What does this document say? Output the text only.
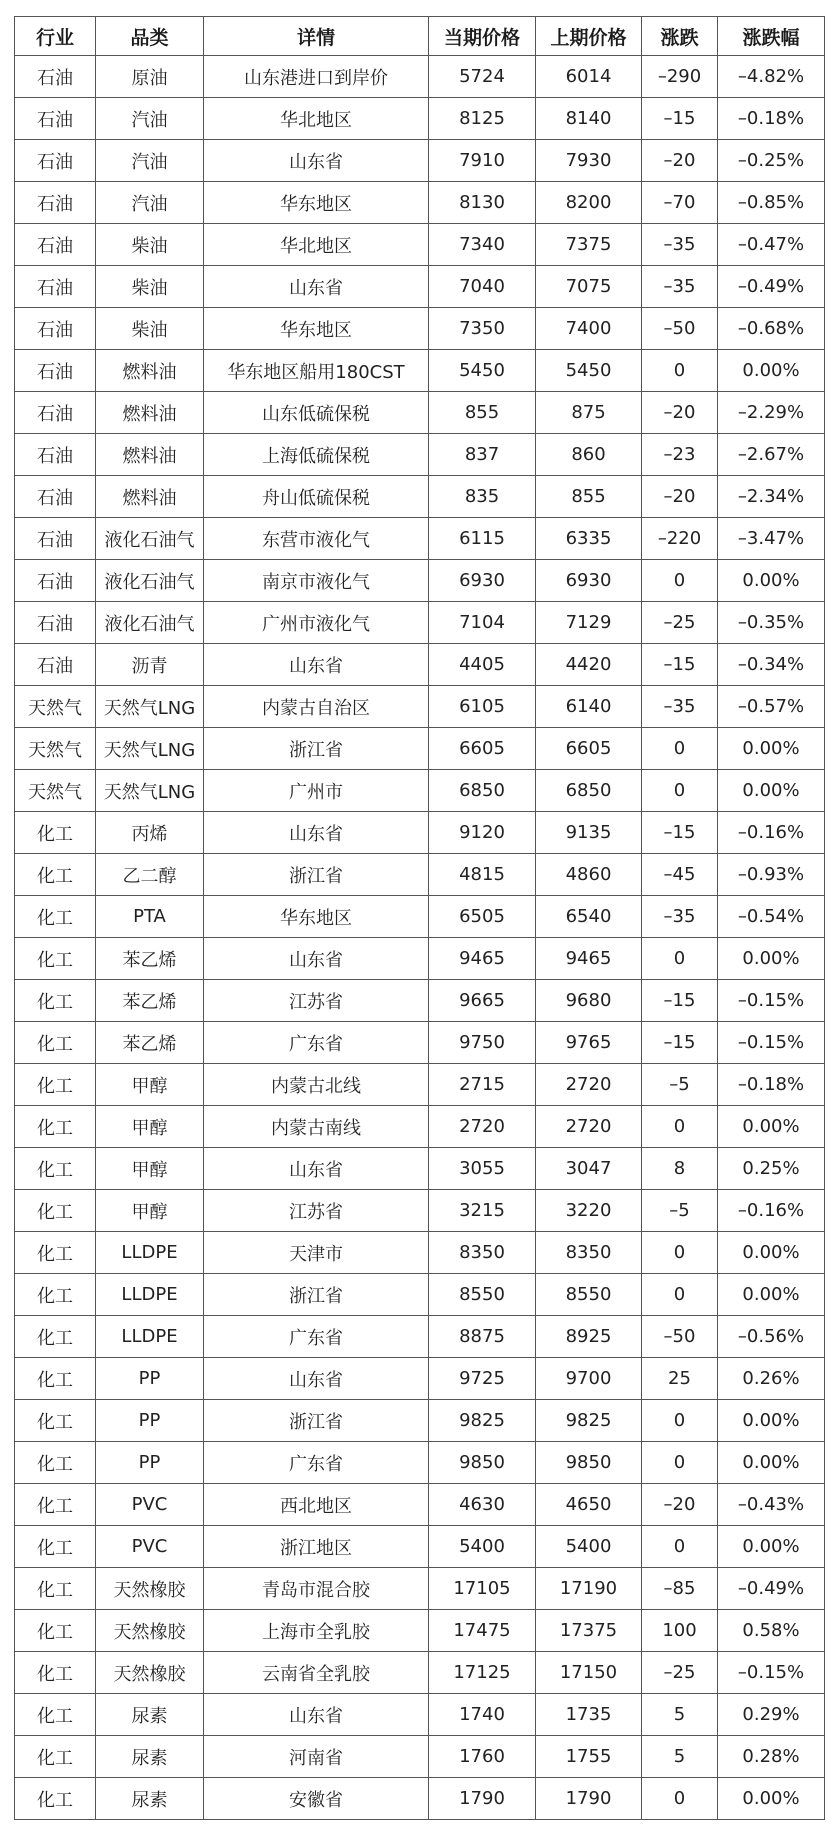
行业	品类	详情	当期价格	上期价格	涨跌	涨跌幅
石油	原油	山东港进口到岸价	5724	6014	–290	–4.82%
石油	汽油	华北地区	8125	8140	–15	–0.18%
石油	汽油	山东省	7910	7930	–20	–0.25%
石油	汽油	华东地区	8130	8200	–70	–0.85%
石油	柴油	华北地区	7340	7375	–35	–0.47%
石油	柴油	山东省	7040	7075	–35	–0.49%
石油	柴油	华东地区	7350	7400	–50	–0.68%
石油	燃料油	华东地区船用180CST	5450	5450	0	0.00%
石油	燃料油	山东低硫保税	855	875	–20	–2.29%
石油	燃料油	上海低硫保税	837	860	–23	–2.67%
石油	燃料油	舟山低硫保税	835	855	–20	–2.34%
石油	液化石油气	东营市液化气	6115	6335	–220	–3.47%
石油	液化石油气	南京市液化气	6930	6930	0	0.00%
石油	液化石油气	广州市液化气	7104	7129	–25	–0.35%
石油	沥青	山东省	4405	4420	–15	–0.34%
天然气	天然气LNG	内蒙古自治区	6105	6140	–35	–0.57%
天然气	天然气LNG	浙江省	6605	6605	0	0.00%
天然气	天然气LNG	广州市	6850	6850	0	0.00%
化工	丙烯	山东省	9120	9135	–15	–0.16%
化工	乙二醇	浙江省	4815	4860	–45	–0.93%
化工	PTA	华东地区	6505	6540	–35	–0.54%
化工	苯乙烯	山东省	9465	9465	0	0.00%
化工	苯乙烯	江苏省	9665	9680	–15	–0.15%
化工	苯乙烯	广东省	9750	9765	–15	–0.15%
化工	甲醇	内蒙古北线	2715	2720	–5	–0.18%
化工	甲醇	内蒙古南线	2720	2720	0	0.00%
化工	甲醇	山东省	3055	3047	8	0.25%
化工	甲醇	江苏省	3215	3220	–5	–0.16%
化工	LLDPE	天津市	8350	8350	0	0.00%
化工	LLDPE	浙江省	8550	8550	0	0.00%
化工	LLDPE	广东省	8875	8925	–50	–0.56%
化工	PP	山东省	9725	9700	25	0.26%
化工	PP	浙江省	9825	9825	0	0.00%
化工	PP	广东省	9850	9850	0	0.00%
化工	PVC	西北地区	4630	4650	–20	–0.43%
化工	PVC	浙江地区	5400	5400	0	0.00%
化工	天然橡胶	青岛市混合胶	17105	17190	–85	–0.49%
化工	天然橡胶	上海市全乳胶	17475	17375	100	0.58%
化工	天然橡胶	云南省全乳胶	17125	17150	–25	–0.15%
化工	尿素	山东省	1740	1735	5	0.29%
化工	尿素	河南省	1760	1755	5	0.28%
化工	尿素	安徽省	1790	1790	0	0.00%
